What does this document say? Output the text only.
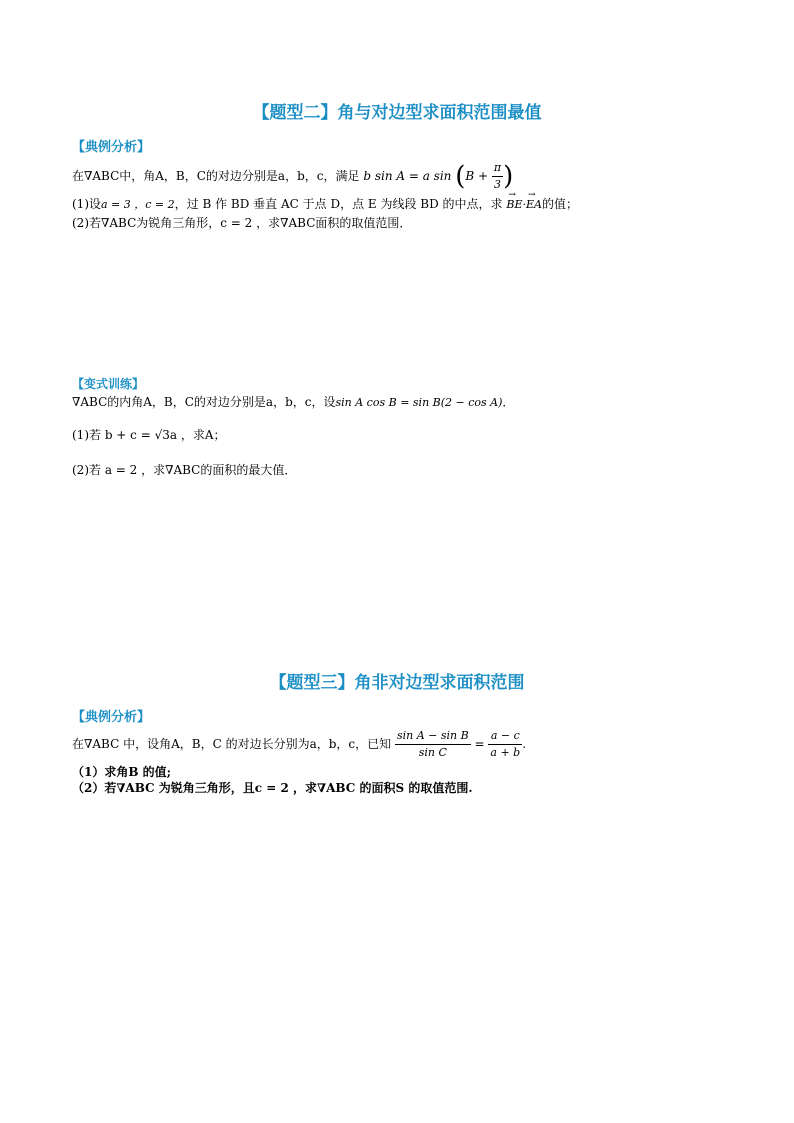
【题型二】角与对边型求面积范围最值
【典例分析】
在∇ABC中，角A，B，C的对边分别是a，b，c，满足 b sin A = a $\sin (B + \frac{\pi}{3}$ )
(1)设a = 3 ，c = 2，过 B 作 BD 垂直 AC 于点 D，点 E 为线段 BD 的中点，求 → BE·→ EA的值；
(2)若∇ABC为锐角三角形，c = 2 ，求∇ABC面积的取值范围．
【变式训练】
∇ABC的内角A，B，C的对边分别是a，b，c，设sin A cos B = sin B(2 − cos A)．
(1)若 b + c = √3a ，求A；
(2)若 a = 2 ，求∇ABC的面积的最大值．
【题型三】角非对边型求面积范围
【典例分析】
在∇ABC 中，设角A，B，C 的对边长分别为a，b，c，已知 $\frac{\text{sin A − sin B}}{\text{sin C}} = \frac{a - c}{a + b}$ .
（1）求角B 的值;
（2）若∇ABC 为锐角三角形，且c = 2 ，求∇ABC 的面积S 的取值范围.
